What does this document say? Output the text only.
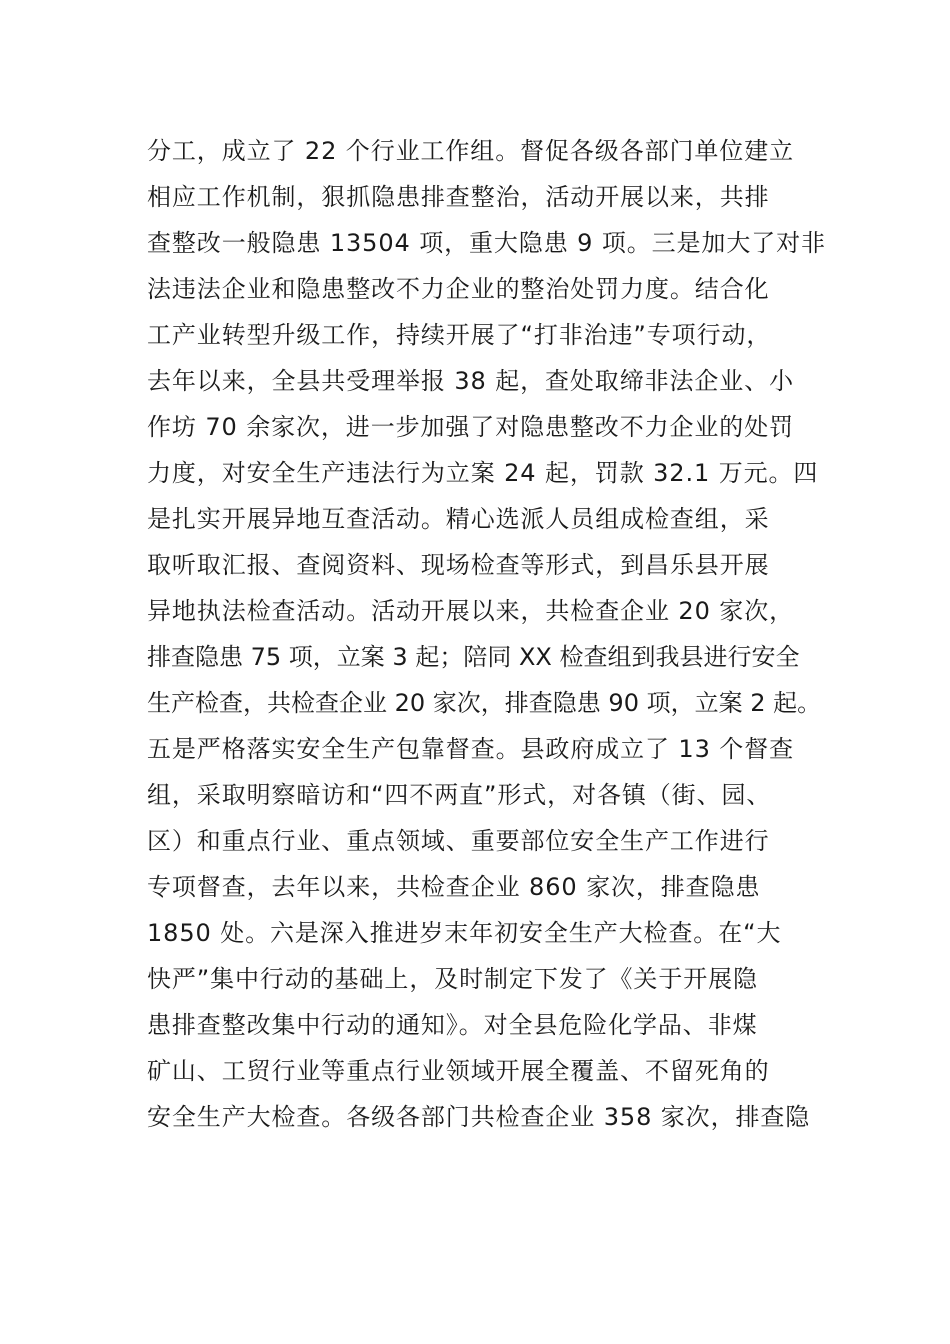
分工，成立了 22 个行业工作组。督促各级各部门单位建立
相应工作机制，狠抓隐患排查整治，活动开展以来，共排
查整改一般隐患 13504 项，重大隐患 9 项。三是加大了对非
法违法企业和隐患整改不力企业的整治处罚力度。结合化
工产业转型升级工作，持续开展了“打非治违”专项行动，
去年以来，全县共受理举报 38 起，查处取缔非法企业、小
作坊 70 余家次，进一步加强了对隐患整改不力企业的处罚
力度，对安全生产违法行为立案 24 起，罚款 32.1 万元。四
是扎实开展异地互查活动。精心选派人员组成检查组，采
取听取汇报、查阅资料、现场检查等形式，到昌乐县开展
异地执法检查活动。活动开展以来，共检查企业 20 家次，
排查隐患 75 项，立案 3 起；陪同 XX 检查组到我县进行安全
生产检查，共检查企业 20 家次，排查隐患 90 项，立案 2 起。
五是严格落实安全生产包靠督查。县政府成立了 13 个督查
组，采取明察暗访和“四不两直”形式，对各镇（街、园、
区）和重点行业、重点领域、重要部位安全生产工作进行
专项督查，去年以来，共检查企业 860 家次，排查隐患
1850 处。六是深入推进岁末年初安全生产大检查。在“大
快严”集中行动的基础上，及时制定下发了《关于开展隐
患排查整改集中行动的通知》。对全县危险化学品、非煤
矿山、工贸行业等重点行业领域开展全覆盖、不留死角的
安全生产大检查。各级各部门共检查企业 358 家次，排查隐
